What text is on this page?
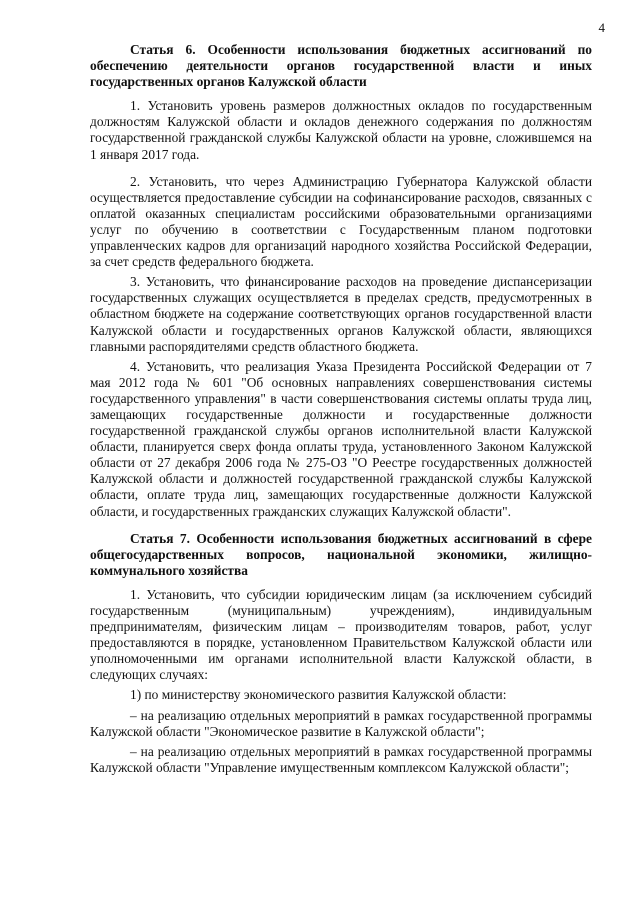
4

Статья 6. Особенности использования бюджетных ассигнований по обеспечению деятельности органов государственной власти и иных государственных органов Калужской области

1. Установить уровень размеров должностных окладов по государственным должностям Калужской области и окладов денежного содержания по должностям государственной гражданской службы Калужской области на уровне, сложившемся на 1 января 2017 года.

2. Установить, что через Администрацию Губернатора Калужской области осуществляется предоставление субсидии на софинансирование расходов, связанных с оплатой оказанных специалистам российскими образовательными организациями услуг по обучению в соответствии с Государственным планом подготовки управленческих кадров для организаций народного хозяйства Российской Федерации, за счет средств федерального бюджета.

3. Установить, что финансирование расходов на проведение диспансеризации государственных служащих осуществляется в пределах средств, предусмотренных в областном бюджете на содержание соответствующих органов государственной власти Калужской области и государственных органов Калужской области, являющихся главными распорядителями средств областного бюджета.

4. Установить, что реализация Указа Президента Российской Федерации от 7 мая 2012 года № 601 "Об основных направлениях совершенствования системы государственного управления" в части совершенствования системы оплаты труда лиц, замещающих государственные должности и государственные должности государственной гражданской службы органов исполнительной власти Калужской области, планируется сверх фонда оплаты труда, установленного Законом Калужской области от 27 декабря 2006 года № 275-ОЗ "О Реестре государственных должностей Калужской области и должностей государственной гражданской службы Калужской области, оплате труда лиц, замещающих государственные должности Калужской области, и государственных гражданских служащих Калужской области".

Статья 7. Особенности использования бюджетных ассигнований в сфере общегосударственных вопросов, национальной экономики, жилищно-коммунального хозяйства

1. Установить, что субсидии юридическим лицам (за исключением субсидий государственным (муниципальным) учреждениям), индивидуальным предпринимателям, физическим лицам – производителям товаров, работ, услуг предоставляются в порядке, установленном Правительством Калужской области или уполномоченными им органами исполнительной власти Калужской области, в следующих случаях:

1) по министерству экономического развития Калужской области:

– на реализацию отдельных мероприятий в рамках государственной программы Калужской области "Экономическое развитие в Калужской области";

– на реализацию отдельных мероприятий в рамках государственной программы Калужской области "Управление имущественным комплексом Калужской области";
